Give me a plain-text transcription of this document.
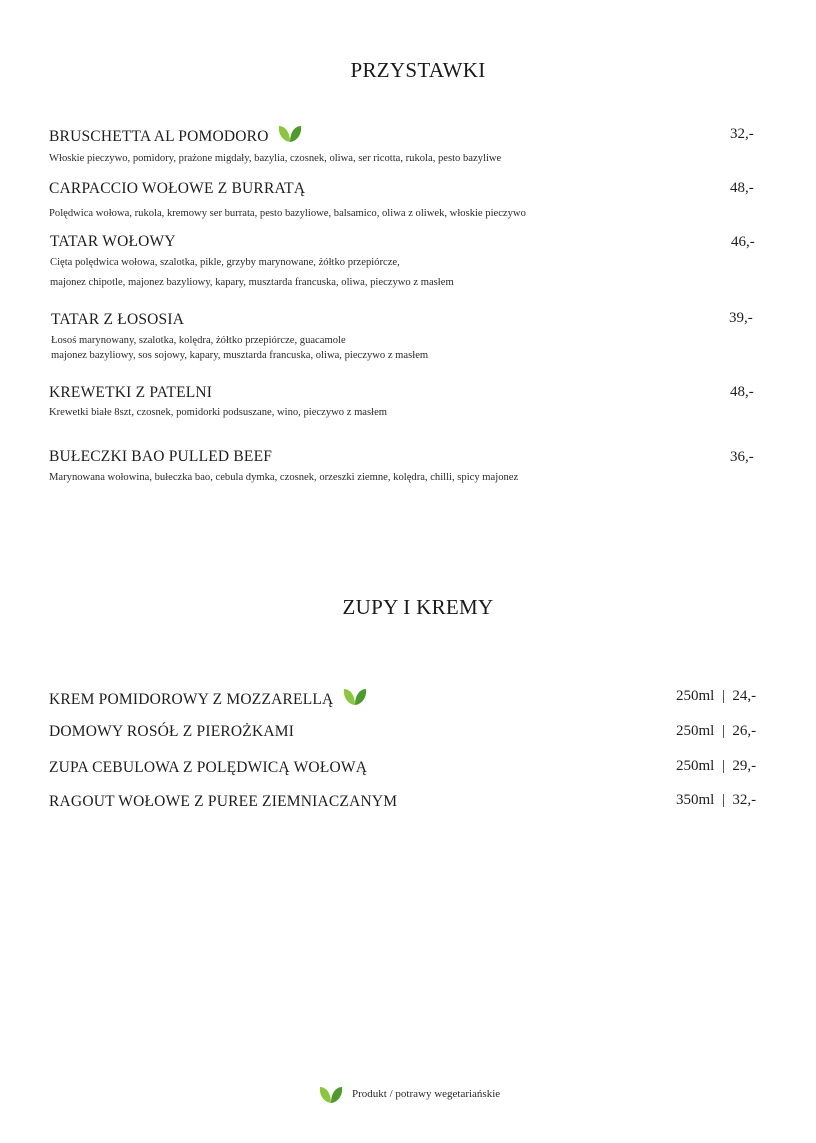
PRZYSTAWKI
BRUSCHETTA AL POMODORO	32,-
Włoskie pieczywo, pomidory, prażone migdały, bazylia, czosnek, oliwa, ser ricotta, rukola, pesto bazyliwe
CARPACCIO WOŁOWE Z BURRATĄ	48,-
Polędwica wołowa, rukola, kremowy ser burrata, pesto bazyliowe, balsamico, oliwa z oliwek, włoskie pieczywo
TATAR WOŁOWY	46,-
Cięta polędwica wołowa, szalotka, pikle, grzyby marynowane, żółtko przepiórcze,
majonez chipotle, majonez bazyliowy, kapary, musztarda francuska, oliwa, pieczywo z masłem
TATAR Z ŁOSOSIA	39,-
Łosoś marynowany, szalotka, kolędra, żółtko przepiórcze, guacamole
majonez bazyliowy, sos sojowy, kapary, musztarda francuska, oliwa, pieczywo z masłem
KREWETKI Z PATELNI	48,-
Krewetki białe 8szt, czosnek, pomidorki podsuszane, wino, pieczywo z masłem
BUŁECZKI BAO PULLED BEEF	36,-
Marynowana wołowina, bułeczka bao, cebula dymka, czosnek, orzeszki ziemne, kolędra, chilli, spicy majonez
ZUPY I KREMY
KREM POMIDOROWY Z MOZZARELLĄ	250ml  |  24,-
DOMOWY ROSÓŁ Z PIEROŻKAMI	250ml  |  26,-
ZUPA CEBULOWA Z POLĘDWICĄ WOŁOWĄ	250ml  |  29,-
RAGOUT WOŁOWE Z PUREE ZIEMNIACZANYM	350ml  |  32,-
Produkt / potrawy wegetariańskie
